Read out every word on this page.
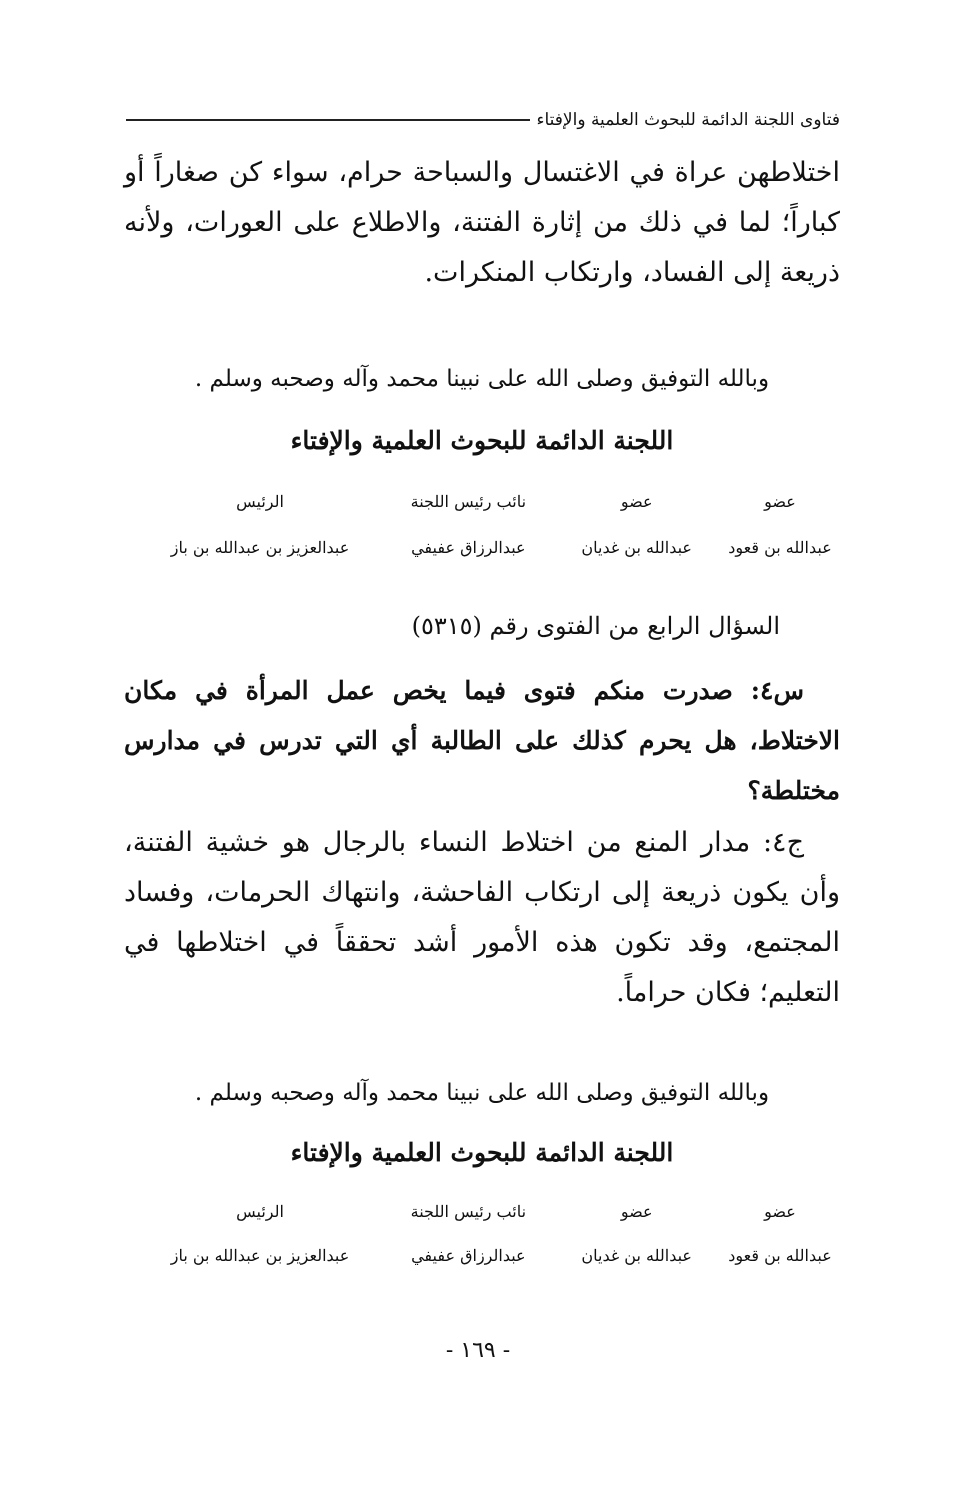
فتاوى اللجنة الدائمة للبحوث العلمية والإفتاء

اختلاطهن عراة في الاغتسال والسباحة حرام، سواء كن صغاراً أو كباراً؛ لما في ذلك من إثارة الفتنة، والاطلاع على العورات، ولأنه ذريعة إلى الفساد، وارتكاب المنكرات.

وبالله التوفيق وصلى الله على نبينا محمد وآله وصحبه وسلم .
اللجنة الدائمة للبحوث العلمية والإفتاء
عضو
عضو
نائب رئيس اللجنة
الرئيس
عبدالله بن قعود
عبدالله بن غديان
عبدالرزاق عفيفي
عبدالعزيز بن عبدالله بن باز
السؤال الرابع من الفتوى رقم (٥٣١٥)

س٤: صدرت منكم فتوى فيما يخص عمل المرأة في مكان الاختلاط، هل يحرم كذلك على الطالبة أي التي تدرس في مدارس مختلطة؟

ج٤: مدار المنع من اختلاط النساء بالرجال هو خشية الفتنة، وأن يكون ذريعة إلى ارتكاب الفاحشة، وانتهاك الحرمات، وفساد المجتمع، وقد تكون هذه الأمور أشد تحققاً في اختلاطها في التعليم؛ فكان حراماً.

وبالله التوفيق وصلى الله على نبينا محمد وآله وصحبه وسلم .
اللجنة الدائمة للبحوث العلمية والإفتاء
عضو
عضو
نائب رئيس اللجنة
الرئيس
عبدالله بن قعود
عبدالله بن غديان
عبدالرزاق عفيفي
عبدالعزيز بن عبدالله بن باز
- ١٦٩ -
